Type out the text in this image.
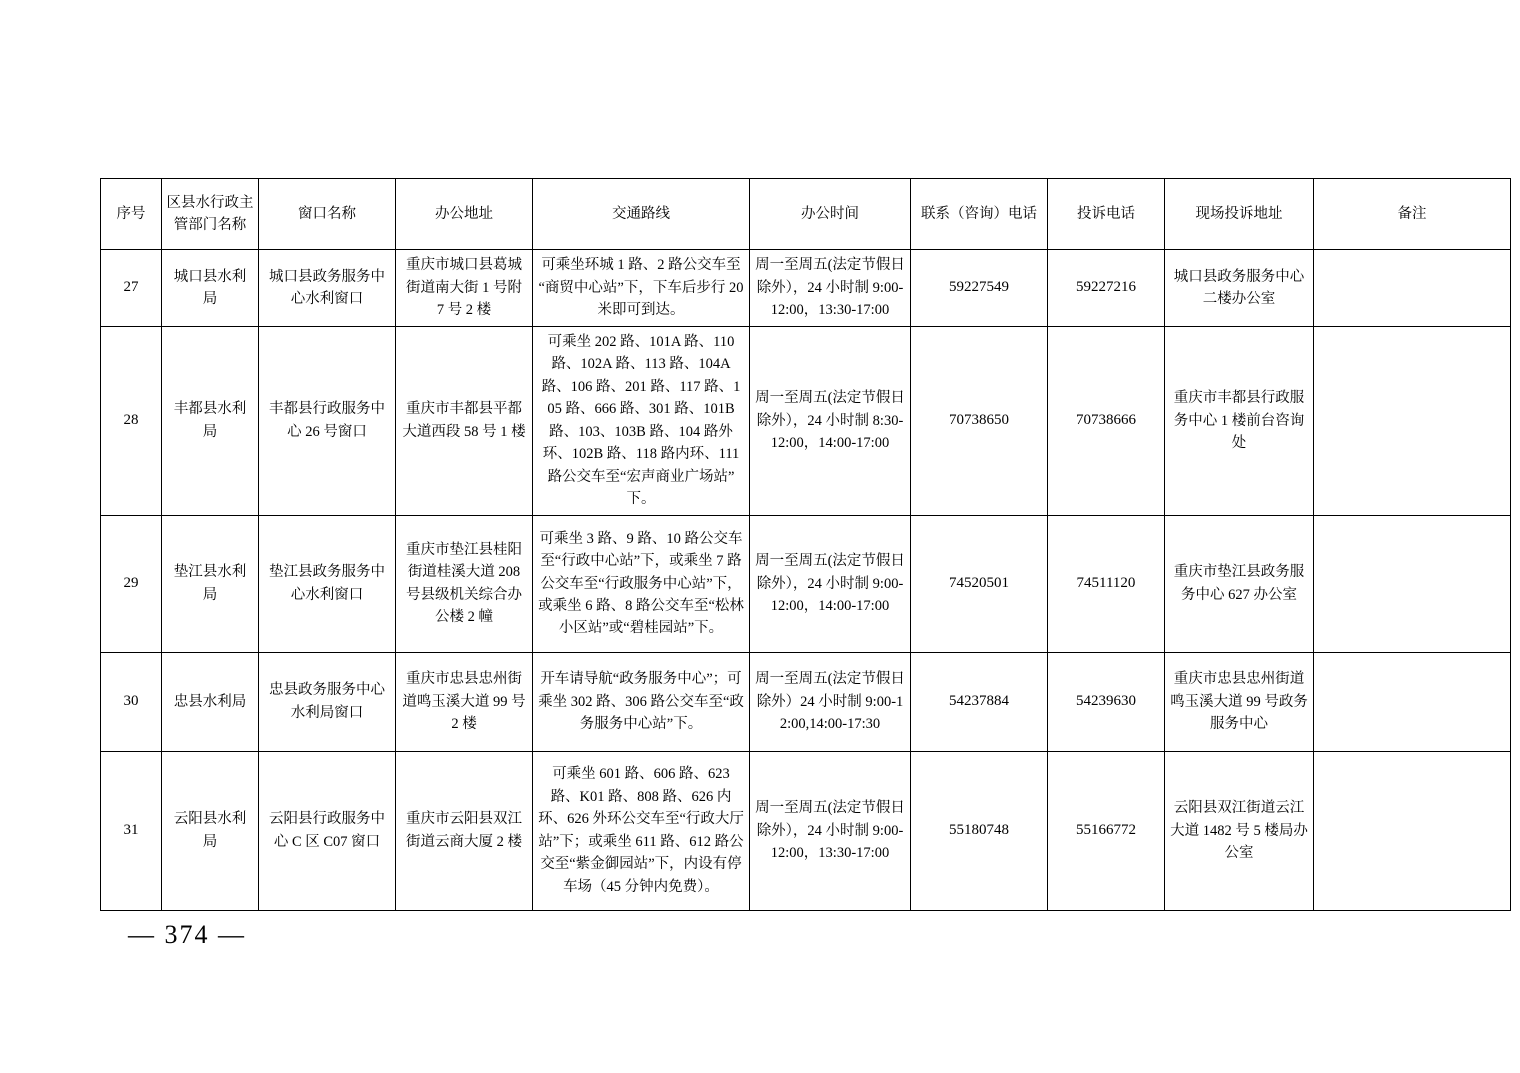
序号	区县水行政主管部门名称	窗口名称	办公地址	交通路线	办公时间	联系（咨询）电话	投诉电话	现场投诉地址	备注
27	城口县水利局	城口县政务服务中心水利窗口	重庆市城口县葛城街道南大街 1 号附 7 号 2 楼	可乘坐环城 1 路、2 路公交车至“商贸中心站”下，下车后步行 20 米即可到达。	周一至周五(法定节假日除外），24 小时制 9:00-12:00，13:30-17:00	59227549	59227216	城口县政务服务中心二楼办公室	
28	丰都县水利局	丰都县行政服务中心 26 号窗口	重庆市丰都县平都大道西段 58 号 1 楼	可乘坐 202 路、101A 路、110 路、102A 路、113 路、104A 路、106 路、201 路、117 路、105 路、666 路、301 路、101B 路、103、103B 路、104 路外环、102B 路、118 路内环、111 路公交车至“宏声商业广场站”下。	周一至周五(法定节假日除外），24 小时制 8:30-12:00，14:00-17:00	70738650	70738666	重庆市丰都县行政服务中心 1 楼前台咨询处	
29	垫江县水利局	垫江县政务服务中心水利窗口	重庆市垫江县桂阳街道桂溪大道 208 号县级机关综合办公楼 2 幢	可乘坐 3 路、9 路、10 路公交车至“行政中心站”下，或乘坐 7 路公交车至“行政服务中心站”下，或乘坐 6 路、8 路公交车至“松林小区站”或“碧桂园站”下。	周一至周五(法定节假日除外），24 小时制 9:00-12:00，14:00-17:00	74520501	74511120	重庆市垫江县政务服务中心 627 办公室	
30	忠县水利局	忠县政务服务中心水利局窗口	重庆市忠县忠州街道鸣玉溪大道 99 号 2 楼	开车请导航“政务服务中心”；可乘坐 302 路、306 路公交车至“政务服务中心站”下。	周一至周五(法定节假日除外）24 小时制 9:00-12:00,14:00-17:30	54237884	54239630	重庆市忠县忠州街道鸣玉溪大道 99 号政务服务中心	
31	云阳县水利局	云阳县行政服务中心 C 区 C07 窗口	重庆市云阳县双江街道云商大厦 2 楼	可乘坐 601 路、606 路、623 路、K01 路、808 路、626 内环、626 外环公交车至“行政大厅站”下；或乘坐 611 路、612 路公交至“紫金御园站”下，内设有停车场（45 分钟内免费）。	周一至周五(法定节假日除外），24 小时制 9:00-12:00，13:30-17:00	55180748	55166772	云阳县双江街道云江大道 1482 号 5 楼局办公室	
— 374 —
